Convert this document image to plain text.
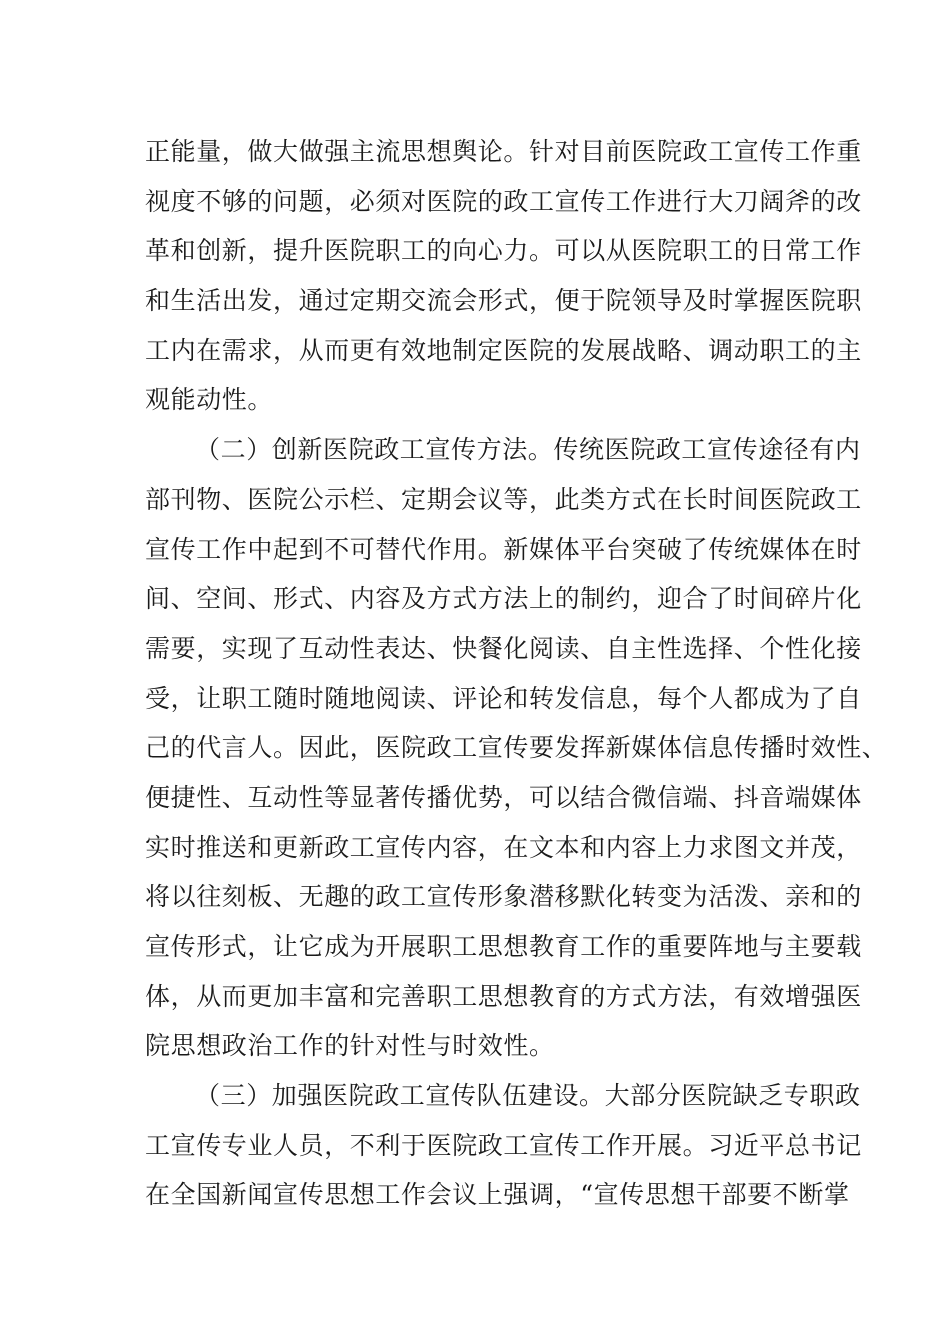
正能量，做大做强主流思想舆论。针对目前医院政工宣传工作重
视度不够的问题，必须对医院的政工宣传工作进行大刀阔斧的改
革和创新，提升医院职工的向心力。可以从医院职工的日常工作
和生活出发，通过定期交流会形式，便于院领导及时掌握医院职
工内在需求，从而更有效地制定医院的发展战略、调动职工的主
观能动性。
（二）创新医院政工宣传方法。传统医院政工宣传途径有内
部刊物、医院公示栏、定期会议等，此类方式在长时间医院政工
宣传工作中起到不可替代作用。新媒体平台突破了传统媒体在时
间、空间、形式、内容及方式方法上的制约，迎合了时间碎片化
需要，实现了互动性表达、快餐化阅读、自主性选择、个性化接
受，让职工随时随地阅读、评论和转发信息，每个人都成为了自
己的代言人。因此，医院政工宣传要发挥新媒体信息传播时效性、
便捷性、互动性等显著传播优势，可以结合微信端、抖音端媒体
实时推送和更新政工宣传内容，在文本和内容上力求图文并茂，
将以往刻板、无趣的政工宣传形象潜移默化转变为活泼、亲和的
宣传形式，让它成为开展职工思想教育工作的重要阵地与主要载
体，从而更加丰富和完善职工思想教育的方式方法，有效增强医
院思想政治工作的针对性与时效性。
（三）加强医院政工宣传队伍建设。大部分医院缺乏专职政
工宣传专业人员，不利于医院政工宣传工作开展。习近平总书记
在全国新闻宣传思想工作会议上强调，“宣传思想干部要不断掌
